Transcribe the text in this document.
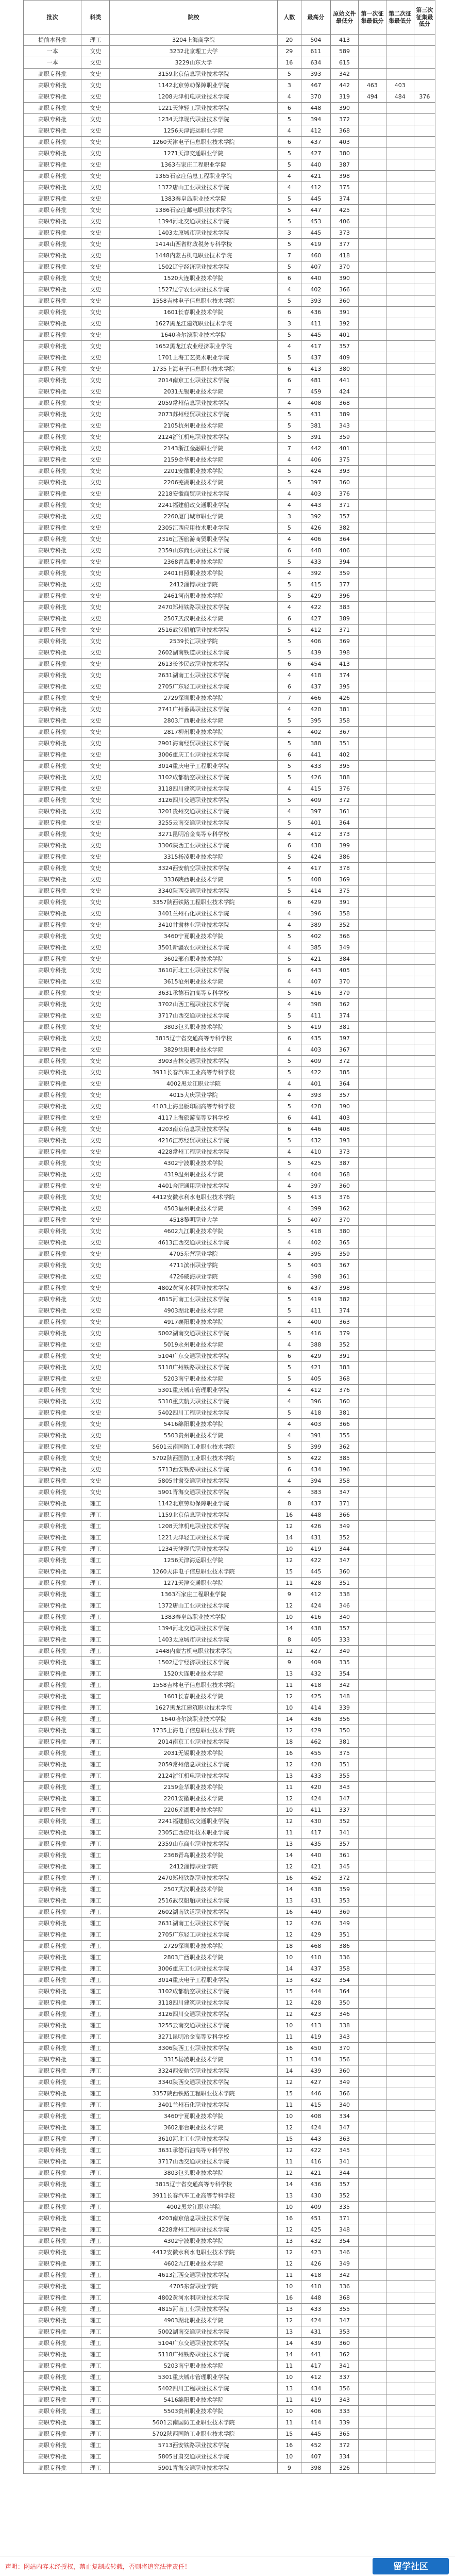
批次	科类	院校	人数	最高分	原始文件最低分	第一次征集最低分	第二次征集最低分	第三次征集最低分
提前本科批	理工	3204上海商学院	20	504	413			
一本	文史	3232北京理工大学	29	611	589			
一本	文史	3229山东大学	16	634	615			
高职专科批	文史	3159北京信息职业技术学院	5	393	342			
高职专科批	文史	1142北京劳动保障职业学院	3	467	442	463	403	
高职专科批	文史	1208天津机电职业技术学院	4	370	319	494	484	376
高职专科批	文史	1221天津轻工职业技术学院	6	448	390			
高职专科批	文史	1234天津现代职业技术学院	5	394	372			
高职专科批	文史	1256天津海运职业学院	4	412	368			
高职专科批	文史	1260天津电子信息职业技术学院	6	437	403			
高职专科批	文史	1271天津交通职业学院	5	427	380			
高职专科批	文史	1363石家庄工程职业学院	5	440	387			
高职专科批	文史	1365石家庄信息工程职业学院	4	421	398			
高职专科批	文史	1372唐山工业职业技术学院	4	412	375			
高职专科批	文史	1383秦皇岛职业技术学院	5	445	374			
高职专科批	文史	1386石家庄邮电职业技术学院	5	447	425			
高职专科批	文史	1394河北交通职业技术学院	5	453	406			
高职专科批	文史	1403太原城市职业技术学院	3	445	373			
高职专科批	文史	1414山西省财政税务专科学校	5	419	377			
高职专科批	文史	1448内蒙古机电职业技术学院	7	460	418			
高职专科批	文史	1502辽宁经济职业技术学院	5	407	370			
高职专科批	文史	1520大连职业技术学院	6	440	390			
高职专科批	文史	1527辽宁农业职业技术学院	4	402	366			
高职专科批	文史	1558吉林电子信息职业技术学院	5	393	360			
高职专科批	文史	1601长春职业技术学院	6	436	391			
高职专科批	文史	1627黑龙江建筑职业技术学院	3	411	392			
高职专科批	文史	1640哈尔滨职业技术学院	5	445	401			
高职专科批	文史	1652黑龙江农业经济职业学院	4	417	357			
高职专科批	文史	1701上海工艺美术职业学院	5	437	409			
高职专科批	文史	1735上海电子信息职业技术学院	6	413	380			
高职专科批	文史	2014南京工业职业技术学院	6	481	441			
高职专科批	文史	2031无锡职业技术学院	7	459	424			
高职专科批	文史	2059常州信息职业技术学院	4	408	368			
高职专科批	文史	2073苏州经贸职业技术学院	5	431	389			
高职专科批	文史	2105杭州职业技术学院	5	381	343			
高职专科批	文史	2124浙江机电职业技术学院	5	391	359			
高职专科批	文史	2143浙江金融职业学院	7	442	401			
高职专科批	文史	2159金华职业技术学院	4	406	375			
高职专科批	文史	2201安徽职业技术学院	5	424	393			
高职专科批	文史	2206芜湖职业技术学院	5	397	360			
高职专科批	文史	2218安徽商贸职业技术学院	4	403	376			
高职专科批	文史	2241福建船政交通职业学院	4	443	371			
高职专科批	文史	2260厦门城市职业学院	3	392	357			
高职专科批	文史	2305江西应用技术职业学院	5	426	382			
高职专科批	文史	2316江西旅游商贸职业学院	4	406	364			
高职专科批	文史	2359山东商业职业技术学院	6	448	406			
高职专科批	文史	2368青岛职业技术学院	5	433	394			
高职专科批	文史	2401日照职业技术学院	4	392	359			
高职专科批	文史	2412淄博职业学院	5	415	377			
高职专科批	文史	2461河南职业技术学院	5	429	396			
高职专科批	文史	2470郑州铁路职业技术学院	4	422	383			
高职专科批	文史	2507武汉职业技术学院	6	427	389			
高职专科批	文史	2516武汉船舶职业技术学院	5	412	371			
高职专科批	文史	2539长江职业学院	5	406	369			
高职专科批	文史	2602湖南铁道职业技术学院	5	439	398			
高职专科批	文史	2613长沙民政职业技术学院	6	454	413			
高职专科批	文史	2631湖南工业职业技术学院	4	418	374			
高职专科批	文史	2705广东轻工职业技术学院	6	437	395			
高职专科批	文史	2729深圳职业技术学院	7	466	426			
高职专科批	文史	2741广州番禺职业技术学院	4	420	381			
高职专科批	文史	2803广西职业技术学院	5	395	358			
高职专科批	文史	2817柳州职业技术学院	4	402	367			
高职专科批	文史	2901海南经贸职业技术学院	5	388	351			
高职专科批	文史	3006重庆工业职业技术学院	6	441	402			
高职专科批	文史	3014重庆电子工程职业学院	5	433	395			
高职专科批	文史	3102成都航空职业技术学院	5	426	388			
高职专科批	文史	3118四川建筑职业技术学院	4	415	376			
高职专科批	文史	3126四川交通职业技术学院	5	409	372			
高职专科批	文史	3201贵州交通职业技术学院	4	397	361			
高职专科批	文史	3255云南交通职业技术学院	5	401	364			
高职专科批	文史	3271昆明冶金高等专科学校	4	412	373			
高职专科批	文史	3306陕西工业职业技术学院	6	438	399			
高职专科批	文史	3315杨凌职业技术学院	5	424	386			
高职专科批	文史	3324西安航空职业技术学院	4	417	378			
高职专科批	文史	3336陕西职业技术学院	5	408	369			
高职专科批	文史	3340陕西交通职业技术学院	5	414	375			
高职专科批	文史	3357陕西铁路工程职业技术学院	6	429	391			
高职专科批	文史	3401兰州石化职业技术学院	4	396	358			
高职专科批	文史	3410甘肃林业职业技术学院	4	389	352			
高职专科批	文史	3460宁夏职业技术学院	5	402	366			
高职专科批	文史	3501新疆农业职业技术学院	4	385	349			
高职专科批	文史	3602邢台职业技术学院	5	421	384			
高职专科批	文史	3610河北工业职业技术学院	6	443	405			
高职专科批	文史	3615沧州职业技术学院	4	407	370			
高职专科批	文史	3631承德石油高等专科学校	5	416	379			
高职专科批	文史	3702山西工程职业技术学院	4	398	362			
高职专科批	文史	3717山西交通职业技术学院	5	411	374			
高职专科批	文史	3803包头职业技术学院	5	419	381			
高职专科批	文史	3815辽宁省交通高等专科学校	6	435	397			
高职专科批	文史	3829沈阳职业技术学院	4	403	367			
高职专科批	文史	3903吉林交通职业技术学院	5	409	372			
高职专科批	文史	3911长春汽车工业高等专科学校	5	422	385			
高职专科批	文史	4002黑龙江职业学院	4	401	364			
高职专科批	文史	4015大庆职业学院	4	393	357			
高职专科批	文史	4103上海出版印刷高等专科学校	5	428	390			
高职专科批	文史	4117上海旅游高等专科学校	6	441	403			
高职专科批	文史	4203南京信息职业技术学院	6	446	408			
高职专科批	文史	4216江苏经贸职业技术学院	5	432	393			
高职专科批	文史	4228常州工程职业技术学院	4	410	373			
高职专科批	文史	4302宁波职业技术学院	5	425	387			
高职专科批	文史	4319温州职业技术学院	4	404	368			
高职专科批	文史	4401合肥通用职业技术学院	4	397	360			
高职专科批	文史	4412安徽水利水电职业技术学院	5	413	376			
高职专科批	文史	4503福州职业技术学院	4	399	362			
高职专科批	文史	4518黎明职业大学	5	407	370			
高职专科批	文史	4602九江职业技术学院	5	418	380			
高职专科批	文史	4613江西交通职业技术学院	4	402	365			
高职专科批	文史	4705东营职业学院	4	395	359			
高职专科批	文史	4711滨州职业学院	5	403	367			
高职专科批	文史	4726威海职业学院	4	398	361			
高职专科批	文史	4802黄河水利职业技术学院	6	437	398			
高职专科批	文史	4815河南工业职业技术学院	5	419	382			
高职专科批	文史	4903湖北职业技术学院	5	411	374			
高职专科批	文史	4917襄阳职业技术学院	4	400	363			
高职专科批	文史	5002湖南交通职业技术学院	5	416	379			
高职专科批	文史	5019永州职业技术学院	4	388	352			
高职专科批	文史	5104广东交通职业技术学院	6	429	391			
高职专科批	文史	5118广州铁路职业技术学院	5	421	383			
高职专科批	文史	5203南宁职业技术学院	5	405	368			
高职专科批	文史	5301重庆城市管理职业学院	4	412	376			
高职专科批	文史	5310重庆航天职业技术学院	4	396	360			
高职专科批	文史	5402四川工程职业技术学院	5	418	381			
高职专科批	文史	5416绵阳职业技术学院	4	403	366			
高职专科批	文史	5503贵州职业技术学院	4	391	355			
高职专科批	文史	5601云南国防工业职业技术学院	5	399	362			
高职专科批	文史	5702陕西国防工业职业技术学院	5	422	385			
高职专科批	文史	5713西安铁路职业技术学院	6	434	396			
高职专科批	文史	5805甘肃交通职业技术学院	4	394	358			
高职专科批	文史	5901青海交通职业技术学院	4	383	347			
高职专科批	理工	1142北京劳动保障职业学院	8	437	371			
高职专科批	理工	1159北京信息职业技术学院	16	448	366			
高职专科批	理工	1208天津机电职业技术学院	12	426	349			
高职专科批	理工	1221天津轻工职业技术学院	14	431	352			
高职专科批	理工	1234天津现代职业技术学院	10	419	344			
高职专科批	理工	1256天津海运职业学院	12	422	347			
高职专科批	理工	1260天津电子信息职业技术学院	15	445	360			
高职专科批	理工	1271天津交通职业学院	11	428	351			
高职专科批	理工	1363石家庄工程职业学院	9	412	338			
高职专科批	理工	1372唐山工业职业技术学院	12	424	346			
高职专科批	理工	1383秦皇岛职业技术学院	10	416	340			
高职专科批	理工	1394河北交通职业技术学院	14	438	357			
高职专科批	理工	1403太原城市职业技术学院	8	405	333			
高职专科批	理工	1448内蒙古机电职业技术学院	12	427	349			
高职专科批	理工	1502辽宁经济职业技术学院	9	409	335			
高职专科批	理工	1520大连职业技术学院	13	432	354			
高职专科批	理工	1558吉林电子信息职业技术学院	11	418	342			
高职专科批	理工	1601长春职业技术学院	12	425	348			
高职专科批	理工	1627黑龙江建筑职业技术学院	10	414	339			
高职专科批	理工	1640哈尔滨职业技术学院	14	436	356			
高职专科批	理工	1735上海电子信息职业技术学院	12	429	350			
高职专科批	理工	2014南京工业职业技术学院	18	462	381			
高职专科批	理工	2031无锡职业技术学院	16	455	375			
高职专科批	理工	2059常州信息职业技术学院	12	428	351			
高职专科批	理工	2124浙江机电职业技术学院	13	433	355			
高职专科批	理工	2159金华职业技术学院	11	420	343			
高职专科批	理工	2201安徽职业技术学院	12	424	347			
高职专科批	理工	2206芜湖职业技术学院	10	411	337			
高职专科批	理工	2241福建船政交通职业学院	12	430	352			
高职专科批	理工	2305江西应用技术职业学院	11	417	341			
高职专科批	理工	2359山东商业职业技术学院	13	435	357			
高职专科批	理工	2368青岛职业技术学院	14	440	361			
高职专科批	理工	2412淄博职业学院	12	421	345			
高职专科批	理工	2470郑州铁路职业技术学院	16	452	372			
高职专科批	理工	2507武汉职业技术学院	14	438	359			
高职专科批	理工	2516武汉船舶职业技术学院	13	431	353			
高职专科批	理工	2602湖南铁道职业技术学院	16	449	369			
高职专科批	理工	2631湖南工业职业技术学院	12	426	349			
高职专科批	理工	2705广东轻工职业技术学院	12	429	351			
高职专科批	理工	2729深圳职业技术学院	18	468	386			
高职专科批	理工	2803广西职业技术学院	10	410	336			
高职专科批	理工	3006重庆工业职业技术学院	14	437	358			
高职专科批	理工	3014重庆电子工程职业学院	13	432	354			
高职专科批	理工	3102成都航空职业技术学院	15	444	364			
高职专科批	理工	3118四川建筑职业技术学院	12	428	350			
高职专科批	理工	3126四川交通职业技术学院	12	423	346			
高职专科批	理工	3255云南交通职业技术学院	10	413	338			
高职专科批	理工	3271昆明冶金高等专科学校	11	419	343			
高职专科批	理工	3306陕西工业职业技术学院	16	450	370			
高职专科批	理工	3315杨凌职业技术学院	13	434	356			
高职专科批	理工	3324西安航空职业技术学院	14	439	360			
高职专科批	理工	3340陕西交通职业技术学院	12	427	349			
高职专科批	理工	3357陕西铁路工程职业技术学院	15	446	366			
高职专科批	理工	3401兰州石化职业技术学院	11	415	340			
高职专科批	理工	3460宁夏职业技术学院	10	408	334			
高职专科批	理工	3602邢台职业技术学院	12	424	347			
高职专科批	理工	3610河北工业职业技术学院	15	443	363			
高职专科批	理工	3631承德石油高等专科学校	12	422	345			
高职专科批	理工	3717山西交通职业技术学院	11	416	341			
高职专科批	理工	3803包头职业技术学院	12	421	344			
高职专科批	理工	3815辽宁省交通高等专科学校	14	436	357			
高职专科批	理工	3911长春汽车工业高等专科学校	13	430	352			
高职专科批	理工	4002黑龙江职业学院	10	409	335			
高职专科批	理工	4203南京信息职业技术学院	16	451	371			
高职专科批	理工	4228常州工程职业技术学院	12	425	348			
高职专科批	理工	4302宁波职业技术学院	13	432	354			
高职专科批	理工	4412安徽水利水电职业技术学院	12	423	346			
高职专科批	理工	4602九江职业技术学院	12	426	349			
高职专科批	理工	4613江西交通职业技术学院	11	418	342			
高职专科批	理工	4705东营职业学院	10	410	336			
高职专科批	理工	4802黄河水利职业技术学院	16	448	368			
高职专科批	理工	4815河南工业职业技术学院	13	433	355			
高职专科批	理工	4903湖北职业技术学院	12	424	347			
高职专科批	理工	5002湖南交通职业技术学院	13	431	353			
高职专科批	理工	5104广东交通职业技术学院	14	439	360			
高职专科批	理工	5118广州铁路职业技术学院	14	441	362			
高职专科批	理工	5203南宁职业技术学院	11	417	341			
高职专科批	理工	5301重庆城市管理职业学院	10	412	337			
高职专科批	理工	5402四川工程职业技术学院	13	434	356			
高职专科批	理工	5416绵阳职业技术学院	11	419	343			
高职专科批	理工	5503贵州职业技术学院	10	406	333			
高职专科批	理工	5601云南国防工业职业技术学院	11	414	339			
高职专科批	理工	5702陕西国防工业职业技术学院	15	445	365			
高职专科批	理工	5713西安铁路职业技术学院	16	452	372			
高职专科批	理工	5805甘肃交通职业技术学院	10	407	334			
高职专科批	理工	5901青海交通职业技术学院	9	398	326			
声明：网站内容未经授权，禁止复制或转载，否则将追究法律责任！	留学社区
